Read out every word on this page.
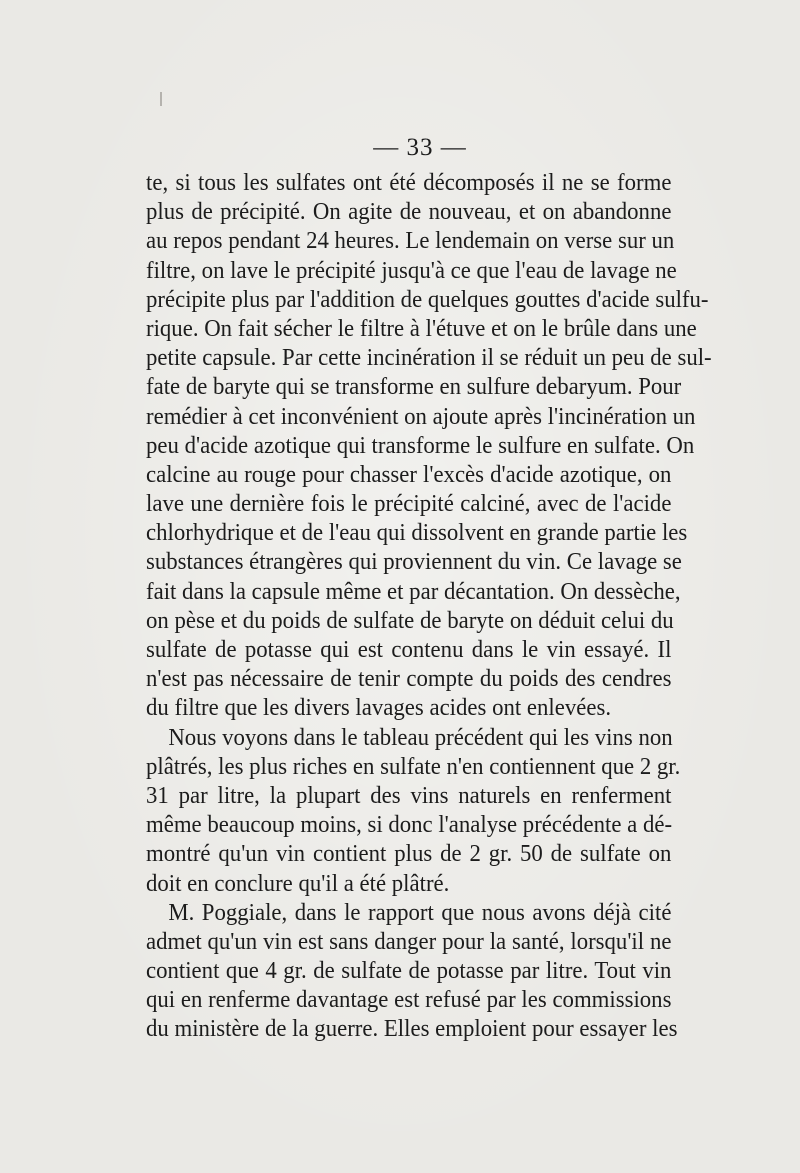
— 33 —
te, si tous les sulfates ont été décomposés il ne se forme
plus de précipité. On agite de nouveau, et on abandonne
au repos pendant 24 heures. Le lendemain on verse sur un
filtre, on lave le précipité jusqu'à ce que l'eau de lavage ne
précipite plus par l'addition de quelques gouttes d'acide sulfu-
rique. On fait sécher le filtre à l'étuve et on le brûle dans une
petite capsule. Par cette incinération il se réduit un peu de sul-
fate de baryte qui se transforme en sulfure debaryum. Pour
remédier à cet inconvénient on ajoute après l'incinération un
peu d'acide azotique qui transforme le sulfure en sulfate. On
calcine au rouge pour chasser l'excès d'acide azotique, on
lave une dernière fois le précipité calciné, avec de l'acide
chlorhydrique et de l'eau qui dissolvent en grande partie les
substances étrangères qui proviennent du vin. Ce lavage se
fait dans la capsule même et par décantation. On dessèche,
on pèse et du poids de sulfate de baryte on déduit celui du
sulfate de potasse qui est contenu dans le vin essayé. Il
n'est pas nécessaire de tenir compte du poids des cendres
du filtre que les divers lavages acides ont enlevées.
Nous voyons dans le tableau précédent qui les vins non
plâtrés, les plus riches en sulfate n'en contiennent que 2 gr.
31 par litre, la plupart des vins naturels en renferment
même beaucoup moins, si donc l'analyse précédente a dé-
montré qu'un vin contient plus de 2 gr. 50 de sulfate on
doit en conclure qu'il a été plâtré.
M. Poggiale, dans le rapport que nous avons déjà cité
admet qu'un vin est sans danger pour la santé, lorsqu'il ne
contient que 4 gr. de sulfate de potasse par litre. Tout vin
qui en renferme davantage est refusé par les commissions
du ministère de la guerre. Elles emploient pour essayer les
